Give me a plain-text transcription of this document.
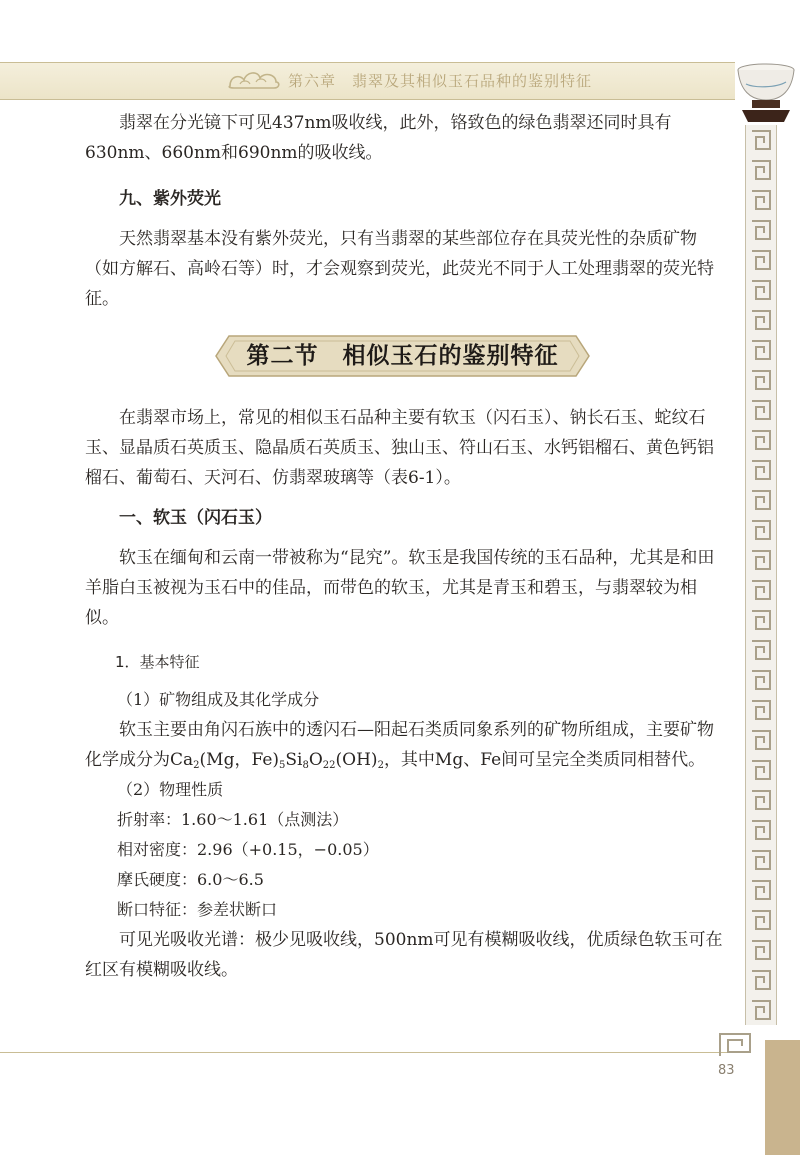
第六章　翡翠及其相似玉石品种的鉴别特征
83

翡翠在分光镜下可见437nm吸收线，此外，铬致色的绿色翡翠还同时具有630nm、660nm和690nm的吸收线。

九、紫外荧光

天然翡翠基本没有紫外荧光，只有当翡翠的某些部位存在具荧光性的杂质矿物（如方解石、高岭石等）时，才会观察到荧光，此荧光不同于人工处理翡翠的荧光特征。

第二节　相似玉石的鉴别特征

在翡翠市场上，常见的相似玉石品种主要有软玉（闪石玉）、钠长石玉、蛇纹石玉、显晶质石英质玉、隐晶质石英质玉、独山玉、符山石玉、水钙铝榴石、黄色钙铝榴石、葡萄石、天河石、仿翡翠玻璃等（表6-1）。

一、软玉（闪石玉）

软玉在缅甸和云南一带被称为“昆究”。软玉是我国传统的玉石品种，尤其是和田羊脂白玉被视为玉石中的佳品，而带色的软玉，尤其是青玉和碧玉，与翡翠较为相似。

1．基本特征
（1）矿物组成及其化学成分

软玉主要由角闪石族中的透闪石—阳起石类质同象系列的矿物所组成，主要矿物化学成分为$Ca_2(Mg$，$Fe)_5Si_8O_{22}(OH)_2$，其中Mg、Fe间可呈完全类质同相替代。

（2）物理性质
折射率：1.60～1.61（点测法）
相对密度：2.96（+0.15，−0.05）
摩氏硬度：6.0～6.5
断口特征：参差状断口

可见光吸收光谱：极少见吸收线，500nm可见有模糊吸收线，优质绿色软玉可在红区有模糊吸收线。
